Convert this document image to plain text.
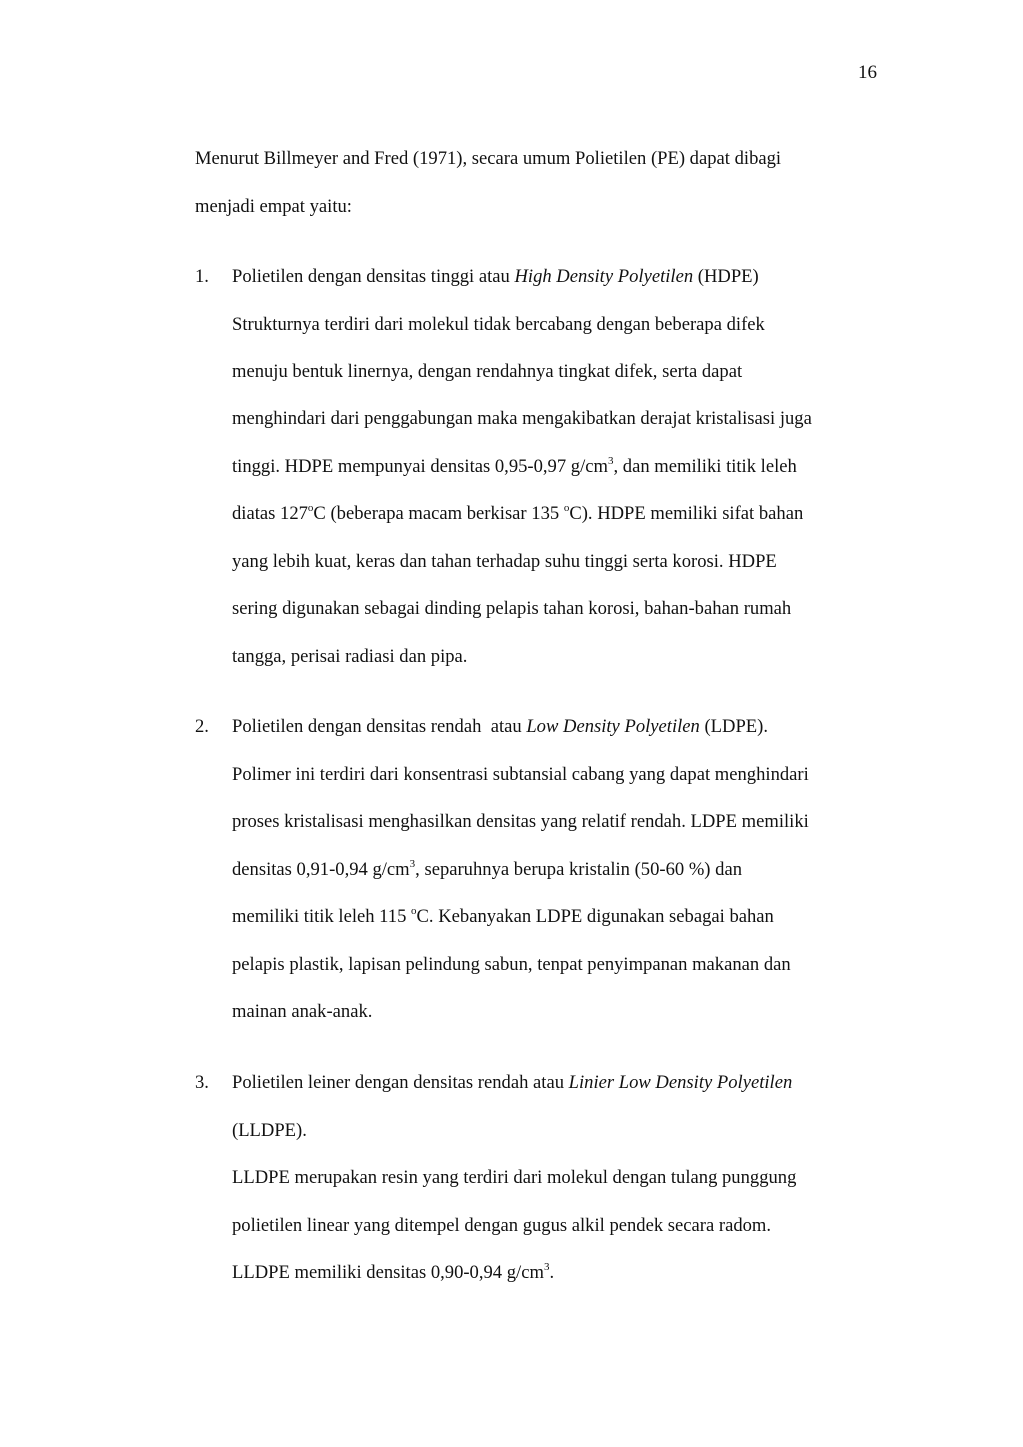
16
Menurut Billmeyer and Fred (1971), secara umum Polietilen (PE) dapat dibagi
menjadi empat yaitu:
1. Polietilen dengan densitas tinggi atau High Density Polyetilen (HDPE)
Strukturnya terdiri dari molekul tidak bercabang dengan beberapa difek
menuju bentuk linernya, dengan rendahnya tingkat difek, serta dapat
menghindari dari penggabungan maka mengakibatkan derajat kristalisasi juga
tinggi. HDPE mempunyai densitas 0,95-0,97 $g/cm^3$, dan memiliki titik leleh
diatas 127$^o$C (beberapa macam berkisar 135 $^o$C). HDPE memiliki sifat bahan
yang lebih kuat, keras dan tahan terhadap suhu tinggi serta korosi. HDPE
sering digunakan sebagai dinding pelapis tahan korosi, bahan-bahan rumah
tangga, perisai radiasi dan pipa.
2. Polietilen dengan densitas rendah  atau Low Density Polyetilen (LDPE).
Polimer ini terdiri dari konsentrasi subtansial cabang yang dapat menghindari
proses kristalisasi menghasilkan densitas yang relatif rendah. LDPE memiliki
densitas 0,91-0,94 $g/cm^3$, separuhnya berupa kristalin (50-60 %) dan
memiliki titik leleh 115 $^o$C. Kebanyakan LDPE digunakan sebagai bahan
pelapis plastik, lapisan pelindung sabun, tenpat penyimpanan makanan dan
mainan anak-anak.
3. Polietilen leiner dengan densitas rendah atau Linier Low Density Polyetilen
(LLDPE).
LLDPE merupakan resin yang terdiri dari molekul dengan tulang punggung
polietilen linear yang ditempel dengan gugus alkil pendek secara radom.
LLDPE memiliki densitas 0,90-0,94 $g/cm^3$.
